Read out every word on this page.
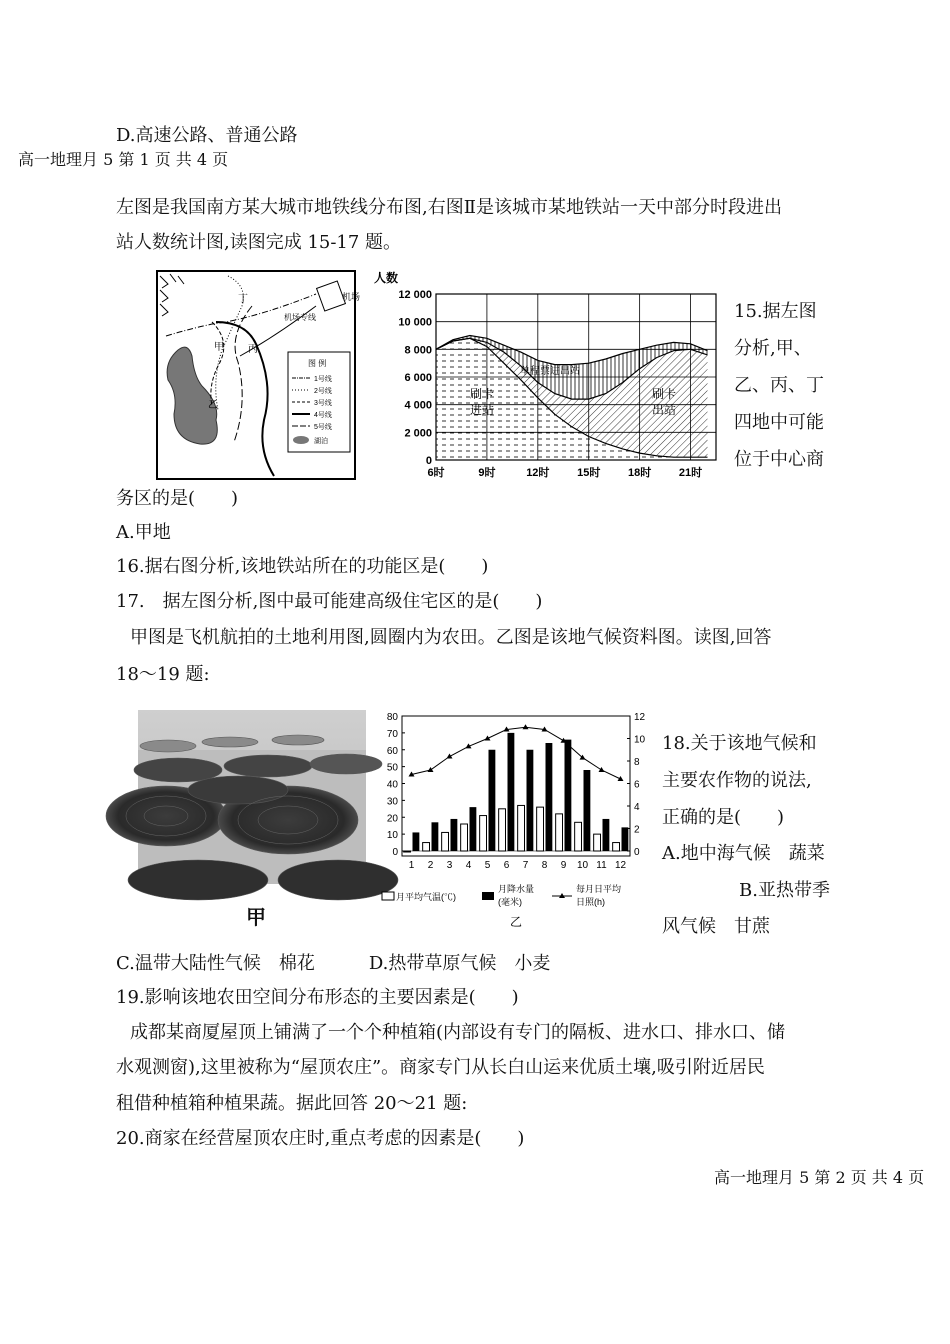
D.高速公路、普通公路
高一地理月 5 第 1 页 共 4 页
左图是我国南方某大城市地铁线分布图,右图Ⅱ是该城市某地铁站一天中部分时段进出
站人数统计图,读图完成 15-17 题。
机场
机场专线
丁
甲 丙
乙
图 例
1号线
2号线
3号线
4号线
5号线
湖泊
人数
0
2 000
4 000
6 000
8 000
10 000
12 000
6时	9时	12时	15时	18时	21时
单程票进出站
刷卡
进站
刷卡
出站
15.据左图
分析,甲、
乙、丙、丁
四地中可能
位于中心商
务区的是(　　)
A.甲地
16.据右图分析,该地铁站所在的功能区是(　　)
17.　据左图分析,图中最可能建高级住宅区的是(　　)
甲图是飞机航拍的土地利用图,圆圈内为农田。乙图是该地气候资料图。读图,回答
18～19 题:
甲
0
10
20
30
40
50
60
70
80
0
2
4
6
8
10
12
1 2 3 4 5 6 7 8 9 10 11 12
月平均气温(℃)
月降水量
(毫米)
每月日平均
日照(h)
乙
18.关于该地气候和
主要农作物的说法,
正确的是(　　)
A.地中海气候　蔬菜
B.亚热带季
风气候　甘蔗
C.温带大陆性气候　棉花　　　D.热带草原气候　小麦
19.影响该地农田空间分布形态的主要因素是(　　)
成都某商厦屋顶上铺满了一个个种植箱(内部设有专门的隔板、进水口、排水口、储
水观测窗),这里被称为“屋顶农庄”。商家专门从长白山运来优质土壤,吸引附近居民
租借种植箱种植果蔬。据此回答 20～21 题:
20.商家在经营屋顶农庄时,重点考虑的因素是(　　)
高一地理月 5 第 2 页 共 4 页
